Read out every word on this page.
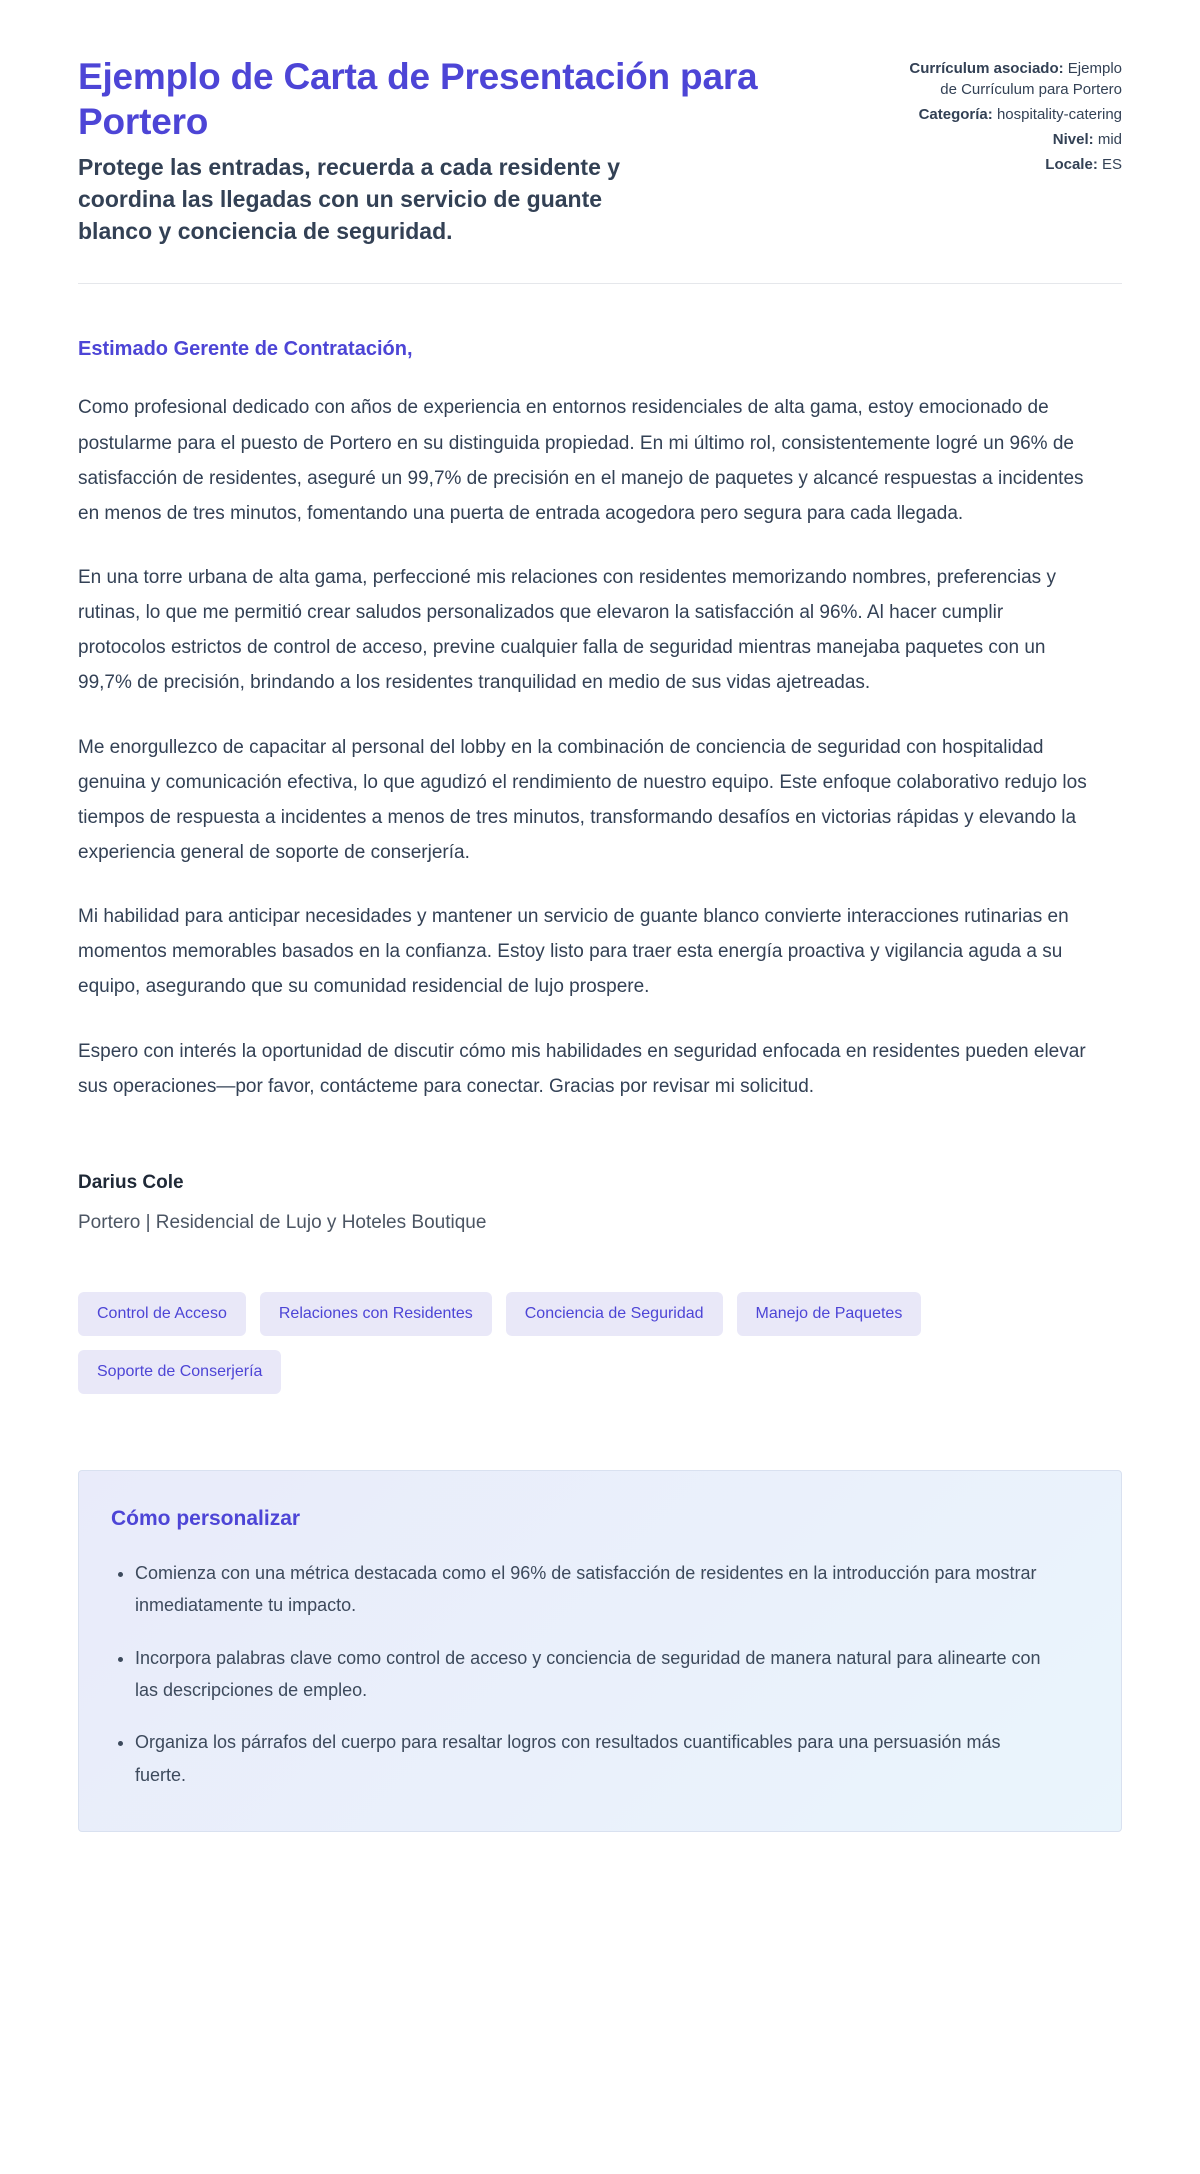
Ejemplo de Carta de Presentación para Portero
Protege las entradas, recuerda a cada residente y coordina las llegadas con un servicio de guante blanco y conciencia de seguridad.
Currículum asociado: Ejemplo de Currículum para Portero
Categoría: hospitality-catering
Nivel: mid
Locale: ES

Estimado Gerente de Contratación,

Como profesional dedicado con años de experiencia en entornos residenciales de alta gama, estoy emocionado de postularme para el puesto de Portero en su distinguida propiedad. En mi último rol, consistentemente logré un 96% de satisfacción de residentes, aseguré un 99,7% de precisión en el manejo de paquetes y alcancé respuestas a incidentes en menos de tres minutos, fomentando una puerta de entrada acogedora pero segura para cada llegada.

En una torre urbana de alta gama, perfeccioné mis relaciones con residentes memorizando nombres, preferencias y rutinas, lo que me permitió crear saludos personalizados que elevaron la satisfacción al 96%. Al hacer cumplir protocolos estrictos de control de acceso, previne cualquier falla de seguridad mientras manejaba paquetes con un 99,7% de precisión, brindando a los residentes tranquilidad en medio de sus vidas ajetreadas.

Me enorgullezco de capacitar al personal del lobby en la combinación de conciencia de seguridad con hospitalidad genuina y comunicación efectiva, lo que agudizó el rendimiento de nuestro equipo. Este enfoque colaborativo redujo los tiempos de respuesta a incidentes a menos de tres minutos, transformando desafíos en victorias rápidas y elevando la experiencia general de soporte de conserjería.

Mi habilidad para anticipar necesidades y mantener un servicio de guante blanco convierte interacciones rutinarias en momentos memorables basados en la confianza. Estoy listo para traer esta energía proactiva y vigilancia aguda a su equipo, asegurando que su comunidad residencial de lujo prospere.

Espero con interés la oportunidad de discutir cómo mis habilidades en seguridad enfocada en residentes pueden elevar sus operaciones—por favor, contácteme para conectar. Gracias por revisar mi solicitud.

Darius Cole
Portero | Residencial de Lujo y Hoteles Boutique
Control de Acceso	Relaciones con Residentes	Conciencia de Seguridad	Manejo de Paquetes
Soporte de Conserjería
Cómo personalizar
• Comienza con una métrica destacada como el 96% de satisfacción de residentes en la introducción para mostrar inmediatamente tu impacto.
• Incorpora palabras clave como control de acceso y conciencia de seguridad de manera natural para alinearte con las descripciones de empleo.
• Organiza los párrafos del cuerpo para resaltar logros con resultados cuantificables para una persuasión más fuerte.
